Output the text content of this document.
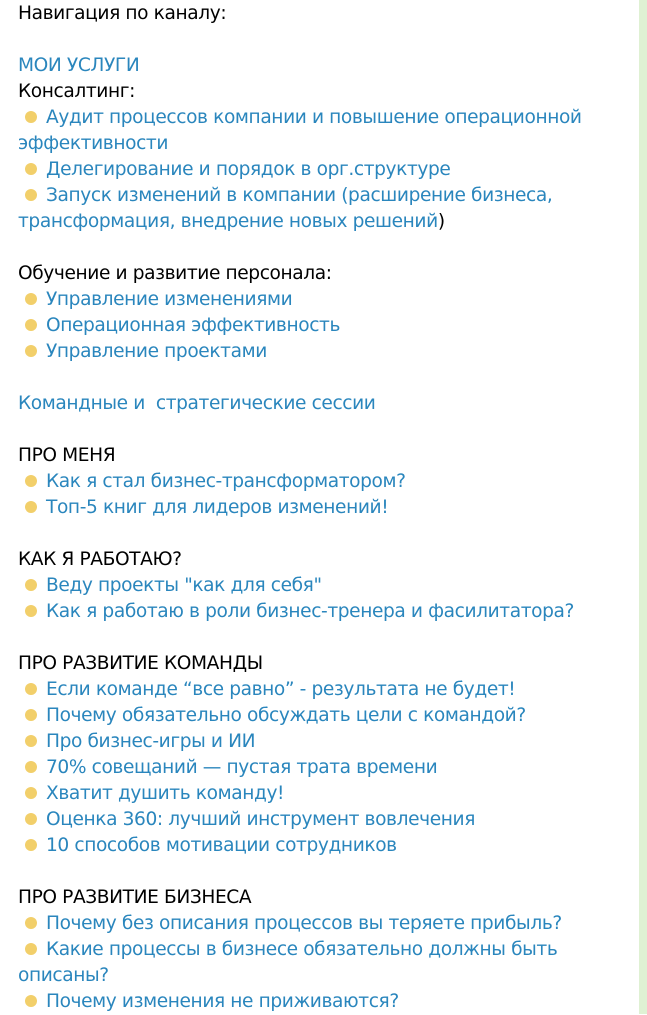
Навигация по каналу:
МОИ УСЛУГИ
Консалтинг:
Аудит процессов компании и повышение операционной
эффективности
Делегирование и порядок в орг.структуре
Запуск изменений в компании (расширение бизнеса,
трансформация, внедрение новых решений)
Обучение и развитие персонала:
Управление изменениями
Операционная эффективность
Управление проектами
Командные и  стратегические сессии
ПРО МЕНЯ
Как я стал бизнес-трансформатором?
Топ-5 книг для лидеров изменений!
КАК Я РАБОТАЮ?
Веду проекты "как для себя"
Как я работаю в роли бизнес-тренера и фасилитатора?
ПРО РАЗВИТИЕ КОМАНДЫ
Если команде “все равно” - результата не будет!
Почему обязательно обсуждать цели с командой?
Про бизнес-игры и ИИ
70% совещаний — пустая трата времени
Хватит душить команду!
Оценка 360: лучший инструмент вовлечения
10 способов мотивации сотрудников
ПРО РАЗВИТИЕ БИЗНЕСА
Почему без описания процессов вы теряете прибыль?
Какие процессы в бизнесе обязательно должны быть
описаны?
Почему изменения не приживаются?
